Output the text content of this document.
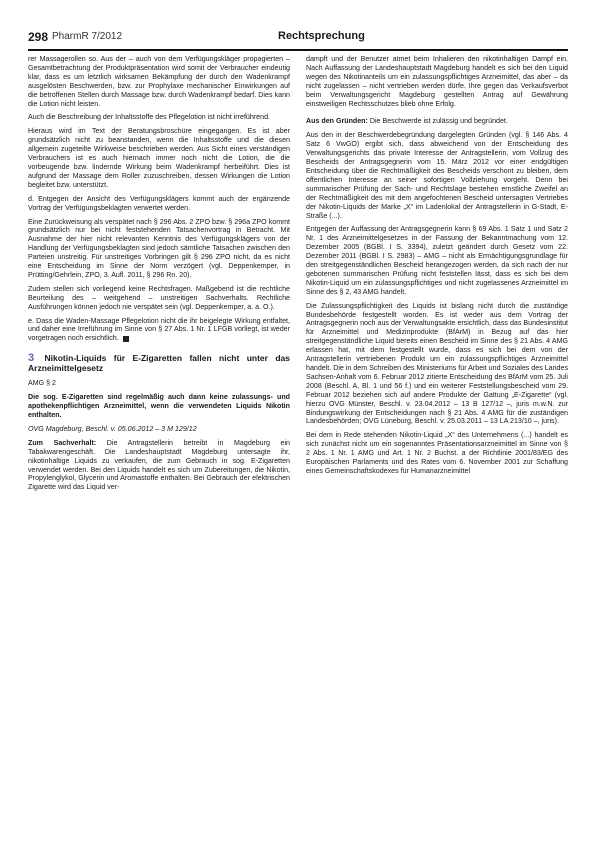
298 PharmR 7/2012	Rechtsprechung

rer Massagerollen so. Aus der – auch von dem Verfügungskläger propagierten – Gesamtbetrachtung der Produktpräsentation wird somit der Verbraucher eindeutig klar, dass es um letztlich wirksamen Bekämpfung der durch den Wadenkrampf ausgelösten Beschwerden, bzw. zur Prophylaxe mechanischer Einwirkungen auf die betroffenen Stellen durch Massage bzw. durch Wadenkrampf bedarf. Dies kann die Lotion nicht leisten.

Auch die Beschreibung der Inhaltsstoffe des Pflegelotion ist nicht irreführend.

Hieraus wird im Text der Beratungsbroschüre eingegangen. Es ist aber grundsätzlich nicht zu beanstanden, wenn die Inhaltsstoffe und die diesen allgemein zugeteilte Wirkweise beschrieben werden. Aus Sicht eines verständigen Verbrauchers ist es auch hiernach immer noch nicht die Lotion, die die vorbeugende bzw. lindernde Wirkung beim Wadenkrampf herbeiführt. Dies ist aufgrund der Massage dem Roller zuzuschreiben, dessen Wirkungen die Lotion begleitet bzw. unterstützt.

d. Entgegen der Ansicht des Verfügungsklägers kommt auch der ergänzende Vortrag der Verfügungsbeklagten verwertet werden.

Eine Zurückweisung als verspätet nach § 296 Abs. 2 ZPO bzw. § 296a ZPO kommt grundsätzlich nur bei nicht feststehenden Tatsachenvortrag in Betracht. Mit Ausnahme der hier nicht relevanten Kenntnis des Verfügungsklägers von der Handlung der Verfügungsbeklagten sind jedoch sämtliche Tatsachen zwischen den Parteien unstreitig. Für unstreitiges Vorbringen gilt § 296 ZPO nicht, da es nicht eine Entscheidung im Sinne der Norm verzögert (vgl. Deppenkemper, in Prütting/Gehrlein, ZPO, 3. Aufl. 2011, § 296 Rn. 20).

Zudem stellen sich vorliegend keine Rechtsfragen. Maßgebend ist die rechtliche Beurteilung des – weitgehend – unstreitigen Sachverhalts. Rechtliche Ausführungen können jedoch nie verspätet sein (vgl. Deppenkemper, a. a. O.).

e. Dass die Waden-Massage Pflegelotion nicht die ihr beigelegte Wirkung entfaltet, und daher eine Irreführung im Sinne von § 27 Abs. 1 Nr. 1 LFGB vorliegt, ist weder vorgetragen noch ersichtlich.

3 Nikotin-Liquids für E-Zigaretten fallen nicht unter das Arzneimittelgesetz

AMG § 2

Die sog. E-Zigaretten sind regelmäßig auch dann keine zulassungs- und apothekenpflichtigen Arzneimittel, wenn die verwendeten Liquids Nikotin enthalten.

OVG Magdeburg, Beschl. v. 05.06.2012 – 3 M 129/12

Zum Sachverhalt: Die Antragstellerin betreibt in Magdeburg ein Tabakwarengeschäft. Die Landeshauptstadt Magdeburg untersagte ihr, nikotinhaltige Liquids zu verkaufen, die zum Gebrauch in sog. E-Zigaretten verwendet werden. Bei den Liquids handelt es sich um Zubereitungen, die Nikotin, Propylenglykol, Glycerin und Aromastoffe enthalten. Bei Gebrauch der elektrischen Zigarette wird das Liquid ver-

dampft und der Benutzer atmet beim Inhalieren den nikotinhaltigen Dampf ein. Nach Auffassung der Landeshauptstadt Magdeburg handelt es sich bei den Liquid wegen des Nikotinanteils um ein zulassungspflichtiges Arzneimittel, das aber – da nicht zugelassen – nicht vertrieben werden dürfe. Ihre gegen das Verkaufsverbot beim Verwaltungsgericht Magdeburg gestellten Antrag auf Gewährung einstweiligen Rechtsschutzes blieb ohne Erfolg.

Aus den Gründen: Die Beschwerde ist zulässig und begründet.

Aus den in der Beschwerdebegründung dargelegten Gründen (vgl. § 146 Abs. 4 Satz 6 VwGO) ergibt sich, dass abweichend von der Entscheidung des Verwaltungsgerichts das private Interesse der Antragstellerin, vom Vollzug des Bescheids der Antragsgegnerin vom 15. März 2012 vor einer endgültigen Entscheidung über die Rechtmäßigkeit des Bescheids verschont zu bleiben, dem öffentlichen Interesse an seiner sofortigen Vollziehung vorgeht. Denn bei summarischer Prüfung der Sach- und Rechtslage bestehen ernstliche Zweifel an der Rechtmäßigkeit des mit dem angefochtenen Bescheid untersagten Vertriebes der Nikotin-Liquids der Marke „X“ im Ladenlokal der Antragstellerin in G-Stadt, E-Straße (...).

Entgegen der Auffassung der Antragsgegnerin kann § 69 Abs. 1 Satz 1 und Satz 2 Nr. 1 des Arzneimittelgesetzes in der Fassung der Bekanntmachung vom 12. Dezember 2005 (BGBl. I S. 3394), zuletzt geändert durch Gesetz vom 22. Dezember 2011 (BGBl. I S. 2983) – AMG – nicht als Ermächtigungsgrundlage für den streitgegenständlichen Bescheid herangezogen werden, da sich nach der nur gebotenen summarischen Prüfung nicht feststellen lässt, dass es sich bei dem Nikotin-Liquid um ein zulassungspflichtiges und nicht zugelassenes Arzneimittel im Sinne des § 2, 43 AMG handelt.

Die Zulassungspflichtigkeit des Liquids ist bislang nicht durch die zuständige Bundesbehörde festgestellt worden. Es ist weder aus dem Vortrag der Antragsgegnerin noch aus der Verwaltungsakte ersichtlich, dass das Bundesinstitut für Arzneimittel und Medizinprodukte (BfArM) in Bezug auf das hier streitgegenständliche Liquid bereits einen Bescheid im Sinne des § 21 Abs. 4 AMG erlassen hat, mit dem festgestellt wurde, dass es sich bei dem von der Antragstellerin vertriebenen Produkt um ein zulassungspflichtiges Arzneimittel handelt. Die in dem Schreiben des Ministeriums für Arbeit und Soziales des Landes Sachsen-Anhalt vom 6. Februar 2012 zitierte Entscheidung des BfArM vom 25. Juli 2008 (Beschl. A, Bl. 1 und 56 f.) und ein weiterer Feststellungsbescheid vom 29. Februar 2012 beziehen sich auf andere Produkte der Gattung „E-Zigarette“ (vgl. hierzu OVG Münster, Beschl. v. 23.04.2012 – 13 B 127/12 –, juris m.w.N. zur Bindungswirkung der Entscheidungen nach § 21 Abs. 4 AMG für die zuständigen Landesbehörden; OVG Lüneburg, Beschl. v. 25.03.2011 – 13 LA 213/10 –, juris).

Bei dem in Rede stehenden Nikotin-Liquid „X“ des Unternehmens (...) handelt es sich zunächst nicht um ein sogenanntes Präsentationsarzneimittel im Sinne von § 2 Abs. 1 Nr. 1 AMG und Art. 1 Nr. 2 Buchst. a der Richtlinie 2001/83/EG des Europäischen Parlaments und des Rates vom 6. November 2001 zur Schaffung eines Gemeinschaftskodexes für Humanarzneimittel
